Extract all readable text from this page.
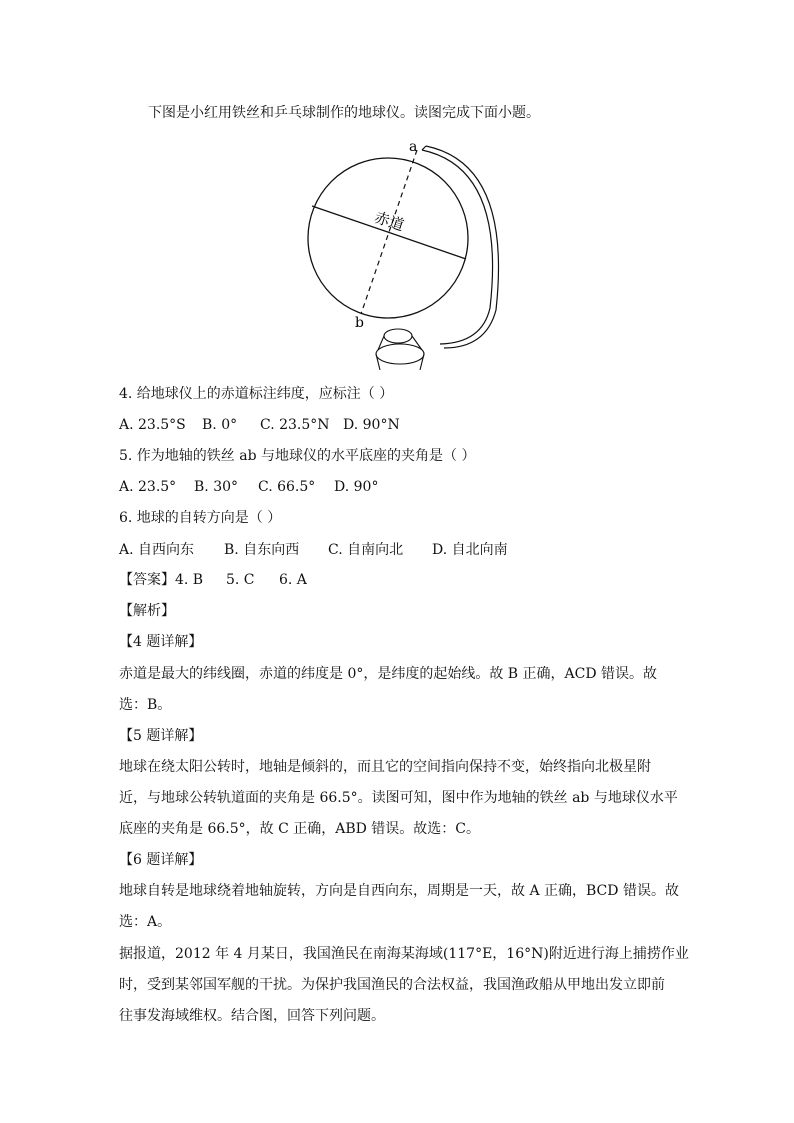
下图是小红用铁丝和乒乓球制作的地球仪。读图完成下面小题。
a
b
赤道
4. 给地球仪上的赤道标注纬度，应标注（ ）
A. 23.5°S B. 0° C. 23.5°N D. 90°N
5. 作为地轴的铁丝 ab 与地球仪的水平底座的夹角是（ ）
A. 23.5° B. 30° C. 66.5° D. 90°
6. 地球的自转方向是（ ）
A. 自西向东 B. 自东向西 C. 自南向北 D. 自北向南
【答案】 4. B 5. C 6. A
【解析】
【4 题详解】
赤道是最大的纬线圈，赤道的纬度是 0°，是纬度的起始线。故 B 正确，ACD 错误。故
选：B。
【5 题详解】
地球在绕太阳公转时，地轴是倾斜的，而且它的空间指向保持不变，始终指向北极星附
近，与地球公转轨道面的夹角是 66.5°。读图可知，图中作为地轴的铁丝 ab 与地球仪水平
底座的夹角是 66.5°，故 C 正确，ABD 错误。故选：C。
【6 题详解】
地球自转是地球绕着地轴旋转，方向是自西向东，周期是一天，故 A 正确，BCD 错误。故
选：A。
据报道，2012 年 4 月某日，我国渔民在南海某海域(117°E，16°N)附近进行海上捕捞作业
时，受到某邻国军舰的干扰。为保护我国渔民的合法权益，我国渔政船从甲地出发立即前
往事发海域维权。结合图，回答下列问题。
